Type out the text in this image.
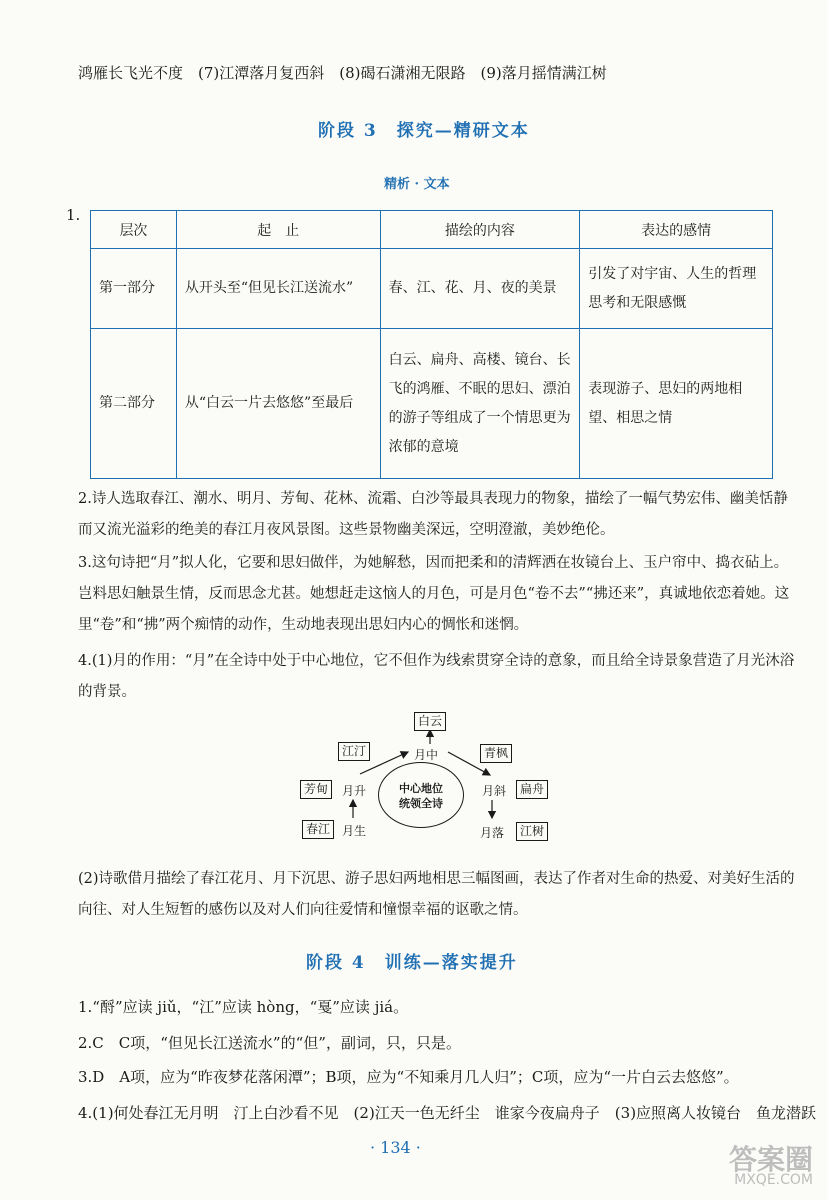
鸿雁长飞光不度　(7)江潭落月复西斜　(8)碣石潇湘无限路　(9)落月摇情满江树
阶段 3　探究—精研文本
精析 · 文本
1.
层次	起　止	描绘的内容	表达的感情
第一部分	从开头至“但见长江送流水”	春、江、花、月、夜的美景	引发了对宇宙、人生的哲理思考和无限感慨
第二部分	从“白云一片去悠悠”至最后	白云、扁舟、高楼、镜台、长飞的鸿雁、不眠的思妇、漂泊的游子等组成了一个情思更为浓郁的意境	表现游子、思妇的两地相望、相思之情
2.诗人选取春江、潮水、明月、芳甸、花林、流霜、白沙等最具表现力的物象，描绘了一幅气势宏伟、幽美恬静而又流光溢彩的绝美的春江月夜风景图。这些景物幽美深远，空明澄澈，美妙绝伦。
3.这句诗把“月”拟人化，它要和思妇做伴，为她解愁，因而把柔和的清辉洒在妆镜台上、玉户帘中、捣衣砧上。岂料思妇触景生情，反而思念尤甚。她想赶走这恼人的月色，可是月色“卷不去”“拂还来”，真诚地依恋着她。这里“卷”和“拂”两个痴情的动作，生动地表现出思妇内心的惆怅和迷惘。
4.(1)月的作用：“月”在全诗中处于中心地位，它不但作为线索贯穿全诗的意象，而且给全诗景象营造了月光沐浴的背景。
白云
月中
江汀	青枫
芳甸	月升	中心地位
统领全诗
月斜	扁舟
春江 月生	月落	江树
(2)诗歌借月描绘了春江花月、月下沉思、游子思妇两地相思三幅图画，表达了作者对生命的热爱、对美好生活的向往、对人生短暂的感伤以及对人们向往爱情和憧憬幸福的讴歌之情。
阶段 4　训练—落实提升
1.“酹”应读 jiǔ，“江”应读 hòng，“戛”应读 jiá。
2.C　C项，“但见长江送流水”的“但”，副词，只，只是。
3.D　A项，应为“昨夜梦花落闲潭”；B项，应为“不知乘月几人归”；C项，应为“一片白云去悠悠”。
4.(1)何处春江无月明　汀上白沙看不见　(2)江天一色无纤尘　谁家今夜扁舟子　(3)应照离人妆镜台　鱼龙潜跃
· 134 ·	答案圈
MXQE.COM
